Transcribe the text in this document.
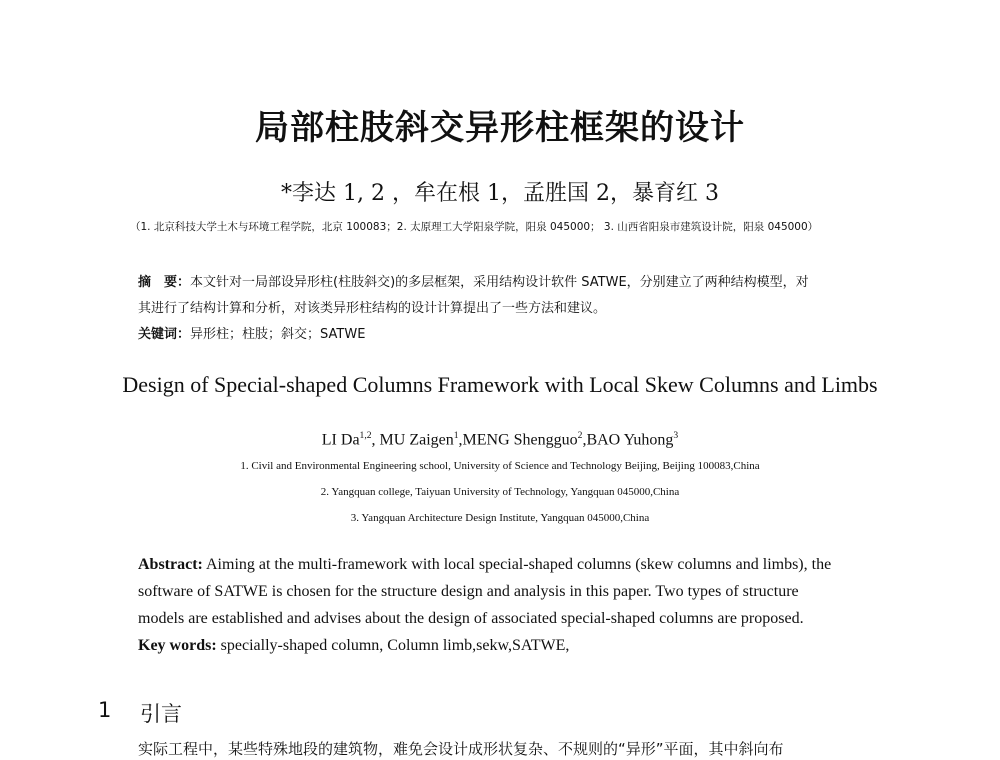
局部柱肢斜交异形柱框架的设计
*李达 1, 2 ，牟在根 1，孟胜国 2，暴育红 3
（1. 北京科技大学土木与环境工程学院，北京 100083；2. 太原理工大学阳泉学院，阳泉 045000； 3. 山西省阳泉市建筑设计院，阳泉 045000）
摘　要：本文针对一局部设异形柱(柱肢斜交)的多层框架，采用结构设计软件 SATWE，分别建立了两种结构模型，对
其进行了结构计算和分析，对该类异形柱结构的设计计算提出了一些方法和建议。
关键词：异形柱；柱肢；斜交；SATWE
Design of Special-shaped Columns Framework with Local Skew Columns and Limbs
LI Da$^{1,2}$, MU Zaigen$^1$,MENG Shengguo$^2$,BAO Yuhong$^3$
1. Civil and Environmental Engineering school, University of Science and Technology Beijing, Beijing 100083,China
2. Yangquan college, Taiyuan University of Technology, Yangquan 045000,China
3. Yangquan Architecture Design Institute, Yangquan 045000,China
Abstract: Aiming at the multi-framework with local special-shaped columns (skew columns and limbs), the
software of SATWE is chosen for the structure design and analysis in this paper. Two types of structure
models are established and advises about the design of associated special-shaped columns are proposed.
Key words: specially-shaped column, Column limb,sekw,SATWE,
1 引言
实际工程中，某些特殊地段的建筑物，难免会设计成形状复杂、不规则的“异形”平面，其中斜向布
